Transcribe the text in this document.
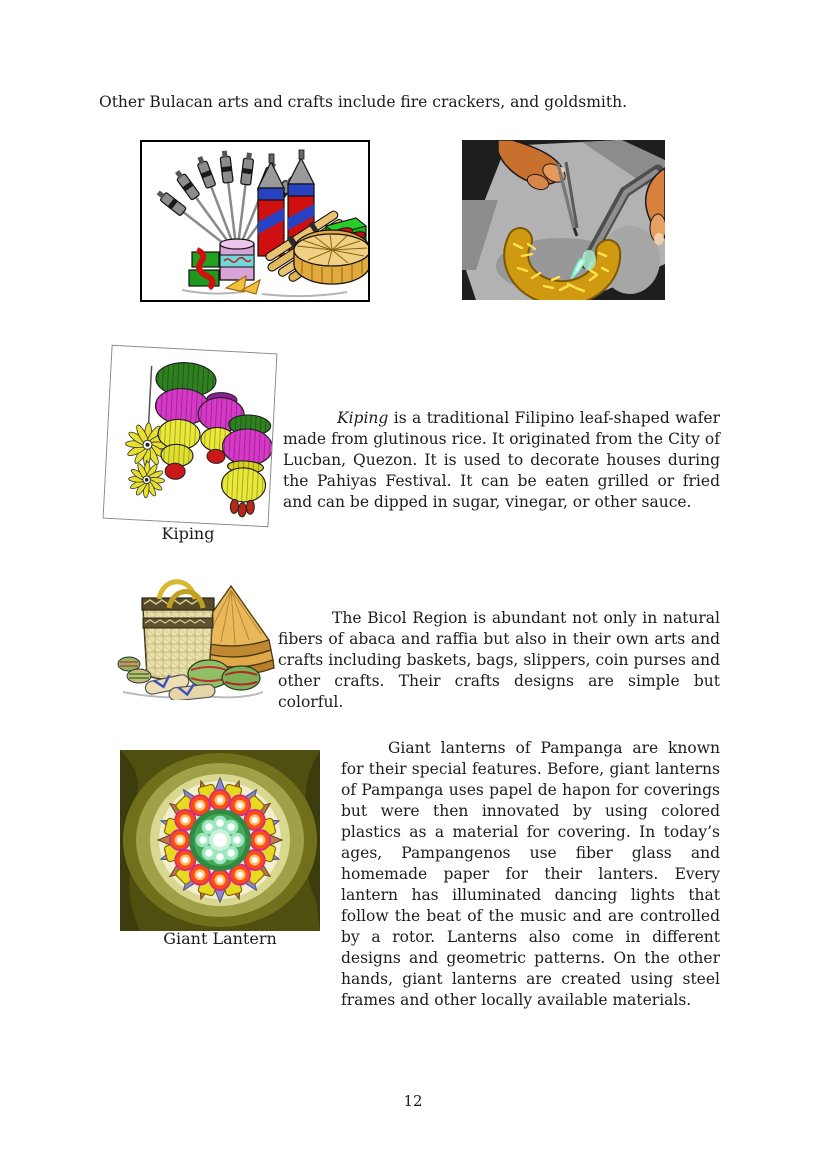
Other Bulacan arts and crafts include fire crackers, and goldsmith.
Kiping

Kiping is a traditional Filipino leaf-shaped wafer made from glutinous rice. It originated from the City of Lucban, Quezon. It is used to decorate houses during the Pahiyas Festival. It can be eaten grilled or fried and can be dipped in sugar, vinegar, or other sauce.

The Bicol Region is abundant not only in natural fibers of abaca and raffia but also in their own arts and crafts including baskets, bags, slippers, coin purses and other crafts. Their crafts designs are simple but colorful.

Giant lanterns of Pampanga are known for their special features. Before, giant lanterns of Pampanga uses papel de hapon for coverings but were then innovated by using colored plastics as a material for covering. In today’s ages, Pampangenos use fiber glass and homemade paper for their lanters. Every lantern has illuminated dancing lights that follow the beat of the music and are controlled by a rotor. Lanterns also come in different designs and geometric patterns. On the other hands, giant lanterns are created using steel frames and other locally available materials.

Giant Lantern
12
